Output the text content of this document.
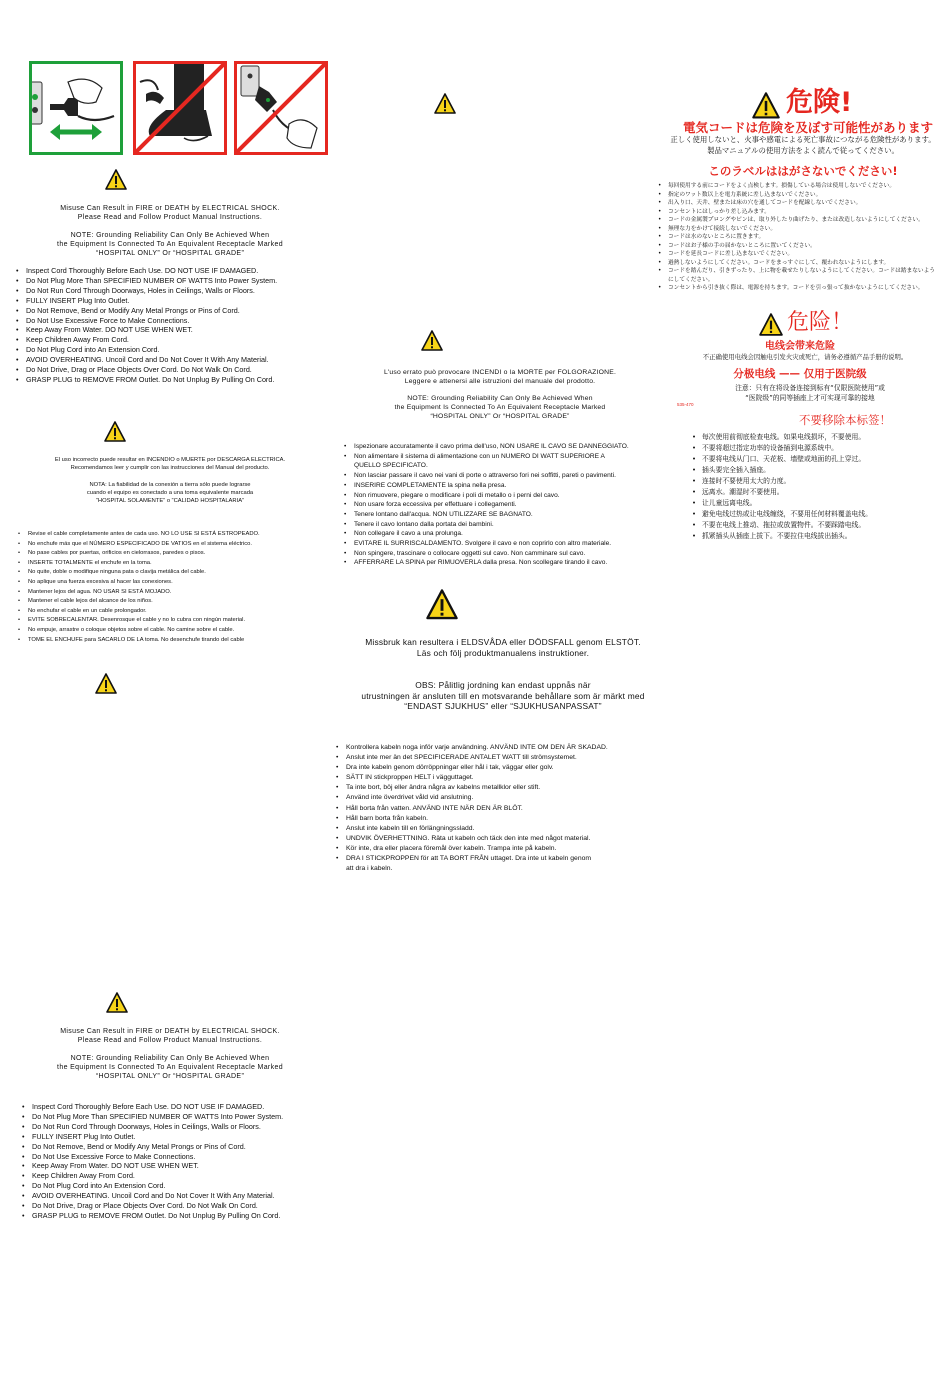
Misuse Can Result in FIRE or DEATH by ELECTRICAL SHOCK.
Please Read and Follow Product Manual Instructions.
NOTE: Grounding Reliability Can Only Be Achieved When
the Equipment Is Connected To An Equivalent Receptacle Marked
“HOSPITAL ONLY” Or “HOSPITAL GRADE”
• Inspect Cord Thoroughly Before Each Use. DO NOT USE IF DAMAGED.
• Do Not Plug More Than SPECIFIED NUMBER OF WATTS Into Power System.
• Do Not Run Cord Through Doorways, Holes in Ceilings, Walls or Floors.
• FULLY INSERT Plug Into Outlet.
• Do Not Remove, Bend or Modify Any Metal Prongs or Pins of Cord.
• Do Not Use Excessive Force to Make Connections.
• Keep Away From Water. DO NOT USE WHEN WET.
• Keep Children Away From Cord.
• Do Not Plug Cord into An Extension Cord.
• AVOID OVERHEATING. Uncoil Cord and Do Not Cover It With Any Material.
• Do Not Drive, Drag or Place Objects Over Cord. Do Not Walk On Cord.
• GRASP PLUG to REMOVE FROM Outlet. Do Not Unplug By Pulling On Cord.
El uso incorrecto puede resultar en INCENDIO o MUERTE por DESCARGA ELECTRICA.
Recomendamos leer y cumplir con las instrucciones del Manual del producto.
NOTA: La fiabilidad de la conexión a tierra sólo puede lograrse
cuando el equipo es conectado a una toma equivalente marcada
“HOSPITAL SOLAMENTE” o “CALIDAD HOSPITALARIA”
• Revise el cable completamente antes de cada uso. NO LO USE SI ESTÁ ESTROPEADO.
• No enchufe más que el NÚMERO ESPECIFICADO DE VATIOS en el sistema eléctrico.
• No pase cables por puertas, orificios en cielorrasos, paredes o pisos.
• INSERTE TOTALMENTE el enchufe en la toma.
• No quite, doble o modifique ninguna pata o clavija metálica del cable.
• No aplique una fuerza excesiva al hacer las conexiones.
• Mantener lejos del agua. NO USAR SI ESTÁ MOJADO.
• Mantener el cable lejos del alcance de los niños.
• No enchufar el cable en un cable prolongador.
• EVITE SOBRECALENTAR. Desenrosque el cable y no lo cubra con ningún material.
• No empuje, arrastre o coloque objetos sobre el cable. No camine sobre el cable.
• TOME EL ENCHUFE para SACARLO DE LA toma. No desenchufe tirando del cable
L'uso errato può provocare INCENDI o la MORTE per FOLGORAZIONE.
Leggere e attenersi alle istruzioni del manuale del prodotto.
NOTE: Grounding Reliability Can Only Be Achieved When
the Equipment Is Connected To An Equivalent Receptacle Marked
“HOSPITAL ONLY” Or “HOSPITAL GRADE”
• Ispezionare accuratamente il cavo prima dell'uso, NON USARE IL CAVO SE DANNEGGIATO.
• Non alimentare il sistema di alimentazione con un NUMERO DI WATT SUPERIORE A
QUELLO SPECIFICATO.
• Non lasciar passare il cavo nei vani di porte o attraverso fori nei soffitti, pareti o pavimenti.
• INSERIRE COMPLETAMENTE la spina nella presa.
• Non rimuovere, piegare o modificare i poli di metallo o i perni del cavo.
• Non usare forza eccessiva per effettuare i collegamenti.
• Tenere lontano dall'acqua. NON UTILIZZARE SE BAGNATO.
• Tenere il cavo lontano dalla portata dei bambini.
• Non collegare il cavo a una prolunga.
• EVITARE IL SURRISCALDAMENTO. Svolgere il cavo e non coprirlo con altro materiale.
• Non spingere, trascinare o collocare oggetti sul cavo. Non camminare sul cavo.
• AFFERRARE LA SPINA per RIMUOVERLA dalla presa. Non scollegare tirando il cavo.
Missbruk kan resultera i ELDSVÅDA eller DÖDSFALL genom ELSTÖT.
Läs och följ produktmanualens instruktioner.
OBS: Pålitlig jordning kan endast uppnås när
utrustningen är ansluten till en motsvarande behållare som är märkt med
“ENDAST SJUKHUS” eller “SJUKHUSANPASSAT”
• Kontrollera kabeln noga inför varje användning. ANVÄND INTE OM DEN ÄR SKADAD.
• Anslut inte mer än det SPECIFICERADE ANTALET WATT till strömsystemet.
• Dra inte kabeln genom dörröppningar eller hål i tak, väggar eller golv.
• SÄTT IN stickproppen HELT i vägguttaget.
• Ta inte bort, böj eller ändra några av kabelns metallklor eller stift.
• Använd inte överdrivet våld vid anslutning.
• Håll borta från vatten. ANVÄND INTE NÄR DEN ÄR BLÖT.
• Håll barn borta från kabeln.
• Anslut inte kabeln till en förlängningssladd.
• UNDVIK ÖVERHETTNING. Räta ut kabeln och täck den inte med något material.
• Kör inte, dra eller placera föremål över kabeln. Trampa inte på kabeln.
• DRA I STICKPROPPEN för att TA BORT FRÅN uttaget. Dra inte ut kabeln genom
att dra i kabeln.
危険!
電気コードは危険を及ぼす可能性があります
正しく使用しないと、火事や感電による死亡事故につながる危険性があります。
製品マニュアルの使用方法をよく読んで従ってください。
このラベルははがさないでください!
• 毎回使用する前にコードをよく点検します。損傷している場合は使用しないでください。
• 指定のワット数以上を電力系統に差し込まないでください。
• 出入り口、天井、壁または床の穴を通してコードを配線しないでください。
• コンセントにはしっかり差し込みます。
• コードの金属製プロングやピンは、取り外したり曲げたり、または改造しないようにしてください。
• 無理な力をかけて接続しないでください。
• コードは水のないところに置きます。
• コードはお子様の手の届かないところに置いてください。
• コードを延長コードに差し込まないでください。
• 過熱しないようにしてください。コードをまっすぐにして、覆われないようにします。
• コードを踏んだり、引きずったり、上に物を載せたりしないようにしてください。コードは踏まないよう
にしてください。
• コンセントから引き抜く際は、電源を持ちます。コードを引っ張って抜かないようにしてください。
危险！
电线会带来危险
不正确使用电线会因触电引发火灾或死亡，请务必遵循产品手册的说明。
分极电线 —— 仅用于医院级
注意：只有在将设备连接到标有“仅限医院使用”或
“医院级”的同等插座上才可实现可靠的接地
535-470
不要移除本标签！
• 每次使用前彻底检查电线。如果电线损坏，不要使用。
• 不要将超过指定功率的设备插到电源系统中。
• 不要将电线从门口、天花板、墙壁或地面的孔上穿过。
• 插头要完全插入插座。
• 连接时不要使用太大的力度。
• 远离水。潮湿时不要使用。
• 让儿童远离电线。
• 避免电线过热或让电线缠绕，不要用任何材料覆盖电线。
• 不要在电线上推动、拖拉或放置物件。不要踩踏电线。
• 抓紧插头从插座上拔下。不要拉住电线拔出插头。
Misuse Can Result in FIRE or DEATH by ELECTRICAL SHOCK.
Please Read and Follow Product Manual Instructions.
NOTE: Grounding Reliability Can Only Be Achieved When
the Equipment Is Connected To An Equivalent Receptacle Marked
“HOSPITAL ONLY” Or “HOSPITAL GRADE”
• Inspect Cord Thoroughly Before Each Use. DO NOT USE IF DAMAGED.
• Do Not Plug More Than SPECIFIED NUMBER OF WATTS Into Power System.
• Do Not Run Cord Through Doorways, Holes in Ceilings, Walls or Floors.
• FULLY INSERT Plug Into Outlet.
• Do Not Remove, Bend or Modify Any Metal Prongs or Pins of Cord.
• Do Not Use Excessive Force to Make Connections.
• Keep Away From Water. DO NOT USE WHEN WET.
• Keep Children Away From Cord.
• Do Not Plug Cord into An Extension Cord.
• AVOID OVERHEATING. Uncoil Cord and Do Not Cover It With Any Material.
• Do Not Drive, Drag or Place Objects Over Cord. Do Not Walk On Cord.
• GRASP PLUG to REMOVE FROM Outlet. Do Not Unplug By Pulling On Cord.
